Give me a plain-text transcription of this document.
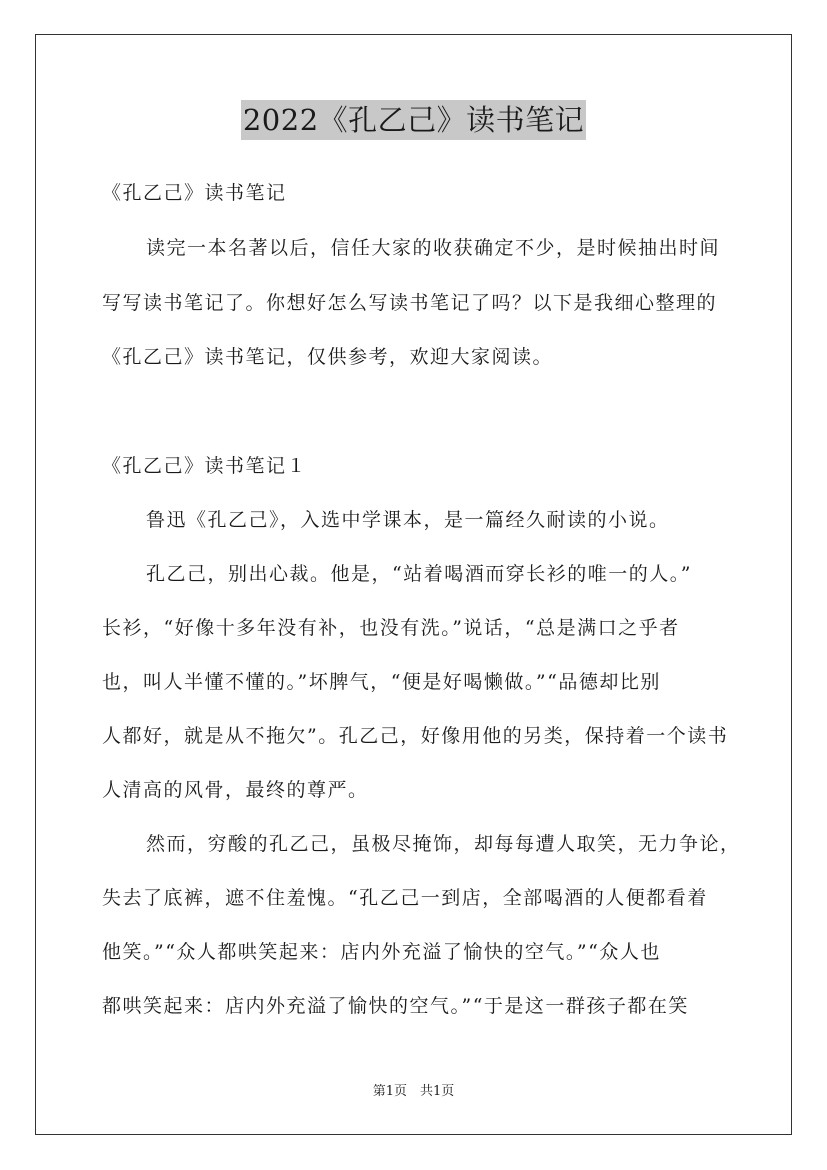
2022《孔乙己》读书笔记
《孔乙己》读书笔记
读完一本名著以后，信任大家的收获确定不少，是时候抽出时间
写写读书笔记了。你想好怎么写读书笔记了吗？以下是我细心整理的
《孔乙己》读书笔记，仅供参考，欢迎大家阅读。
《孔乙己》读书笔记１
鲁迅《孔乙己》，入选中学课本，是一篇经久耐读的小说。
孔乙己，别出心裁。他是，“站着喝酒而穿长衫的唯一的人。”
长衫，“好像十多年没有补，也没有洗。”说话，“总是满口之乎者
也，叫人半懂不懂的。”坏脾气，“便是好喝懒做。”“品德却比别
人都好，就是从不拖欠”。孔乙己，好像用他的另类，保持着一个读书
人清高的风骨，最终的尊严。
然而，穷酸的孔乙己，虽极尽掩饰，却每每遭人取笑，无力争论，
失去了底裤，遮不住羞愧。“孔乙己一到店，全部喝酒的人便都看着
他笑。”“众人都哄笑起来：店内外充溢了愉快的空气。”“众人也
都哄笑起来：店内外充溢了愉快的空气。”“于是这一群孩子都在笑
第1页　共1页
